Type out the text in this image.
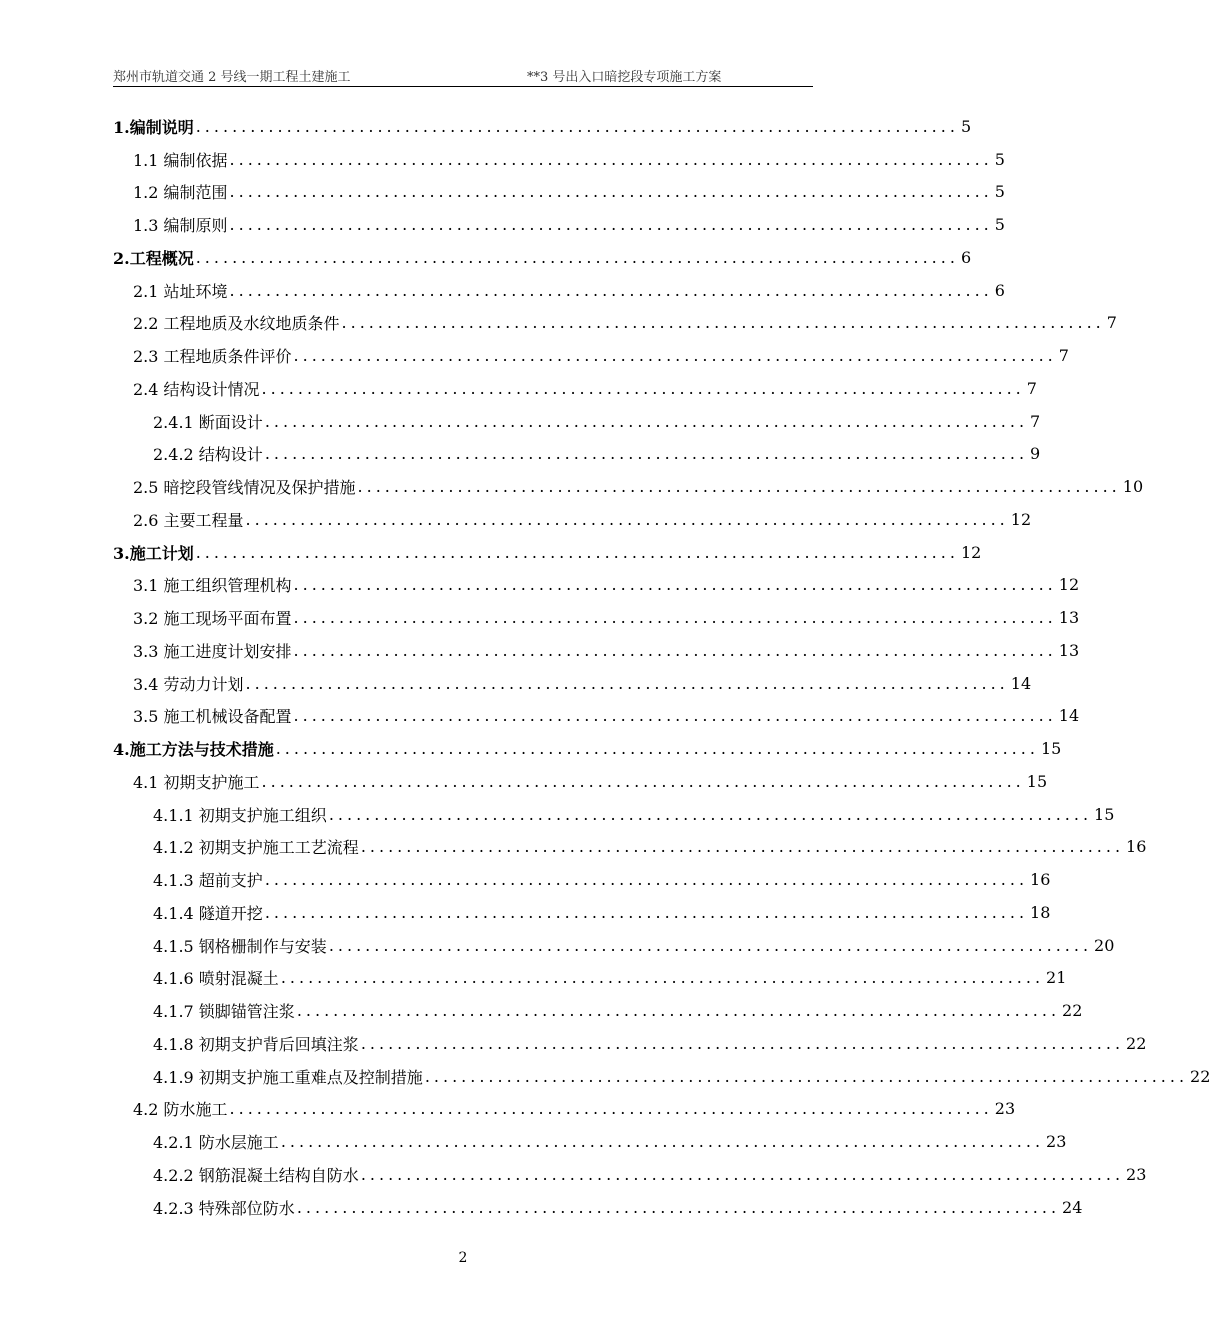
郑州市轨道交通 2 号线一期工程土建施工	**3 号出入口暗挖段专项施工方案
1.编制说明 .................................................................................... 5
1.1 编制依据 .................................................................................... 5
1.2 编制范围 .................................................................................... 5
1.3 编制原则 .................................................................................... 5
2.工程概况 .................................................................................... 6
2.1 站址环境 .................................................................................... 6
2.2 工程地质及水纹地质条件 .................................................................................... 7
2.3 工程地质条件评价 .................................................................................... 7
2.4 结构设计情况 .................................................................................... 7
2.4.1 断面设计 .................................................................................... 7
2.4.2 结构设计 .................................................................................... 9
2.5 暗挖段管线情况及保护措施 .................................................................................... 10
2.6 主要工程量 .................................................................................... 12
3.施工计划 .................................................................................... 12
3.1 施工组织管理机构 .................................................................................... 12
3.2 施工现场平面布置 .................................................................................... 13
3.3 施工进度计划安排 .................................................................................... 13
3.4 劳动力计划 .................................................................................... 14
3.5 施工机械设备配置 .................................................................................... 14
4.施工方法与技术措施 .................................................................................... 15
4.1 初期支护施工 .................................................................................... 15
4.1.1 初期支护施工组织 .................................................................................... 15
4.1.2 初期支护施工工艺流程 .................................................................................... 16
4.1.3 超前支护 .................................................................................... 16
4.1.4 隧道开挖 .................................................................................... 18
4.1.5 钢格栅制作与安装 .................................................................................... 20
4.1.6 喷射混凝土 .................................................................................... 21
4.1.7 锁脚锚管注浆 .................................................................................... 22
4.1.8 初期支护背后回填注浆 .................................................................................... 22
4.1.9 初期支护施工重难点及控制措施 .................................................................................... 22
4.2 防水施工 .................................................................................... 23
4.2.1 防水层施工 .................................................................................... 23
4.2.2 钢筋混凝土结构自防水 .................................................................................... 23
4.2.3 特殊部位防水 .................................................................................... 24
2
